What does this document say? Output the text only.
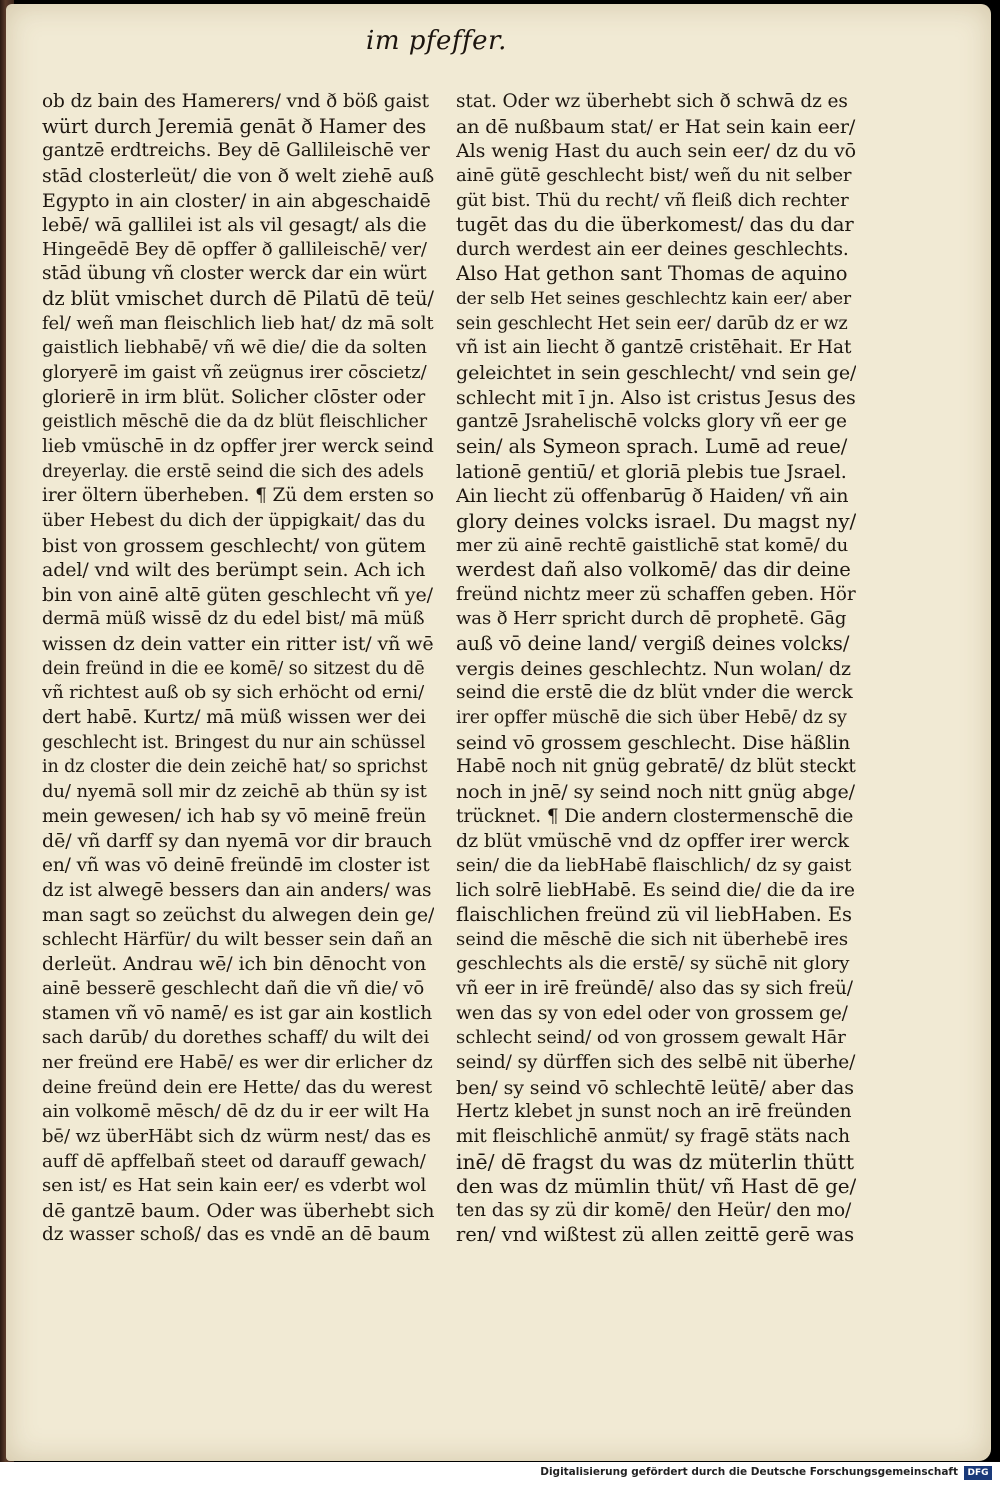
im pfeffer.
ob dz bain des Hamerers/ vnd ð böß gaist
würt durch Jeremiā genāt ð Hamer des
gantzē erdtreichs. Bey dē Gallileischē ver
stād closterleüt/ die von ð welt ziehē auß
Egypto in ain closter/ in ain abgeschaidē
lebē/ wā gallilei ist als vil gesagt/ als die
Hingeēdē Bey dē opffer ð gallileischē/ ver/
stād übung vñ closter werck dar ein würt
dz blüt vmischet durch dē Pilatū dē teü/
fel/ weñ man fleischlich lieb hat/ dz mā solt
gaistlich liebhabē/ vñ wē die/ die da solten
gloryerē im gaist vñ zeügnus irer cōscietz/
glorierē in irm blüt. Solicher clōster oder
geistlich mēschē die da dz blüt fleischlicher
lieb vmüschē in dz opffer jrer werck seind
dreyerlay. die erstē seind die sich des adels
irer öltern überheben. ¶ Zü dem ersten so
über Hebest du dich der üppigkait/ das du
bist von grossem geschlecht/ von gütem
adel/ vnd wilt des berümpt sein. Ach ich
bin von ainē altē güten geschlecht vñ ye/
dermā müß wissē dz du edel bist/ mā müß
wissen dz dein vatter ein ritter ist/ vñ wē
dein freünd in die ee komē/ so sitzest du dē
vñ richtest auß ob sy sich erhöcht od erni/
dert habē. Kurtz/ mā müß wissen wer dei
geschlecht ist. Bringest du nur ain schüssel
in dz closter die dein zeichē hat/ so sprichst
du/ nyemā soll mir dz zeichē ab thün sy ist
mein gewesen/ ich hab sy vō meinē freün
dē/ vñ darff sy dan nyemā vor dir brauch
en/ vñ was vō deinē freündē im closter ist
dz ist alwegē bessers dan ain anders/ was
man sagt so zeüchst du alwegen dein ge/
schlecht Härfür/ du wilt besser sein dañ an
derleüt. Andrau wē/ ich bin dēnocht von
ainē besserē geschlecht dañ die vñ die/ vō
stamen vñ vō namē/ es ist gar ain kostlich
sach darūb/ du dorethes schaff/ du wilt dei
ner freünd ere Habē/ es wer dir erlicher dz
deine freünd dein ere Hette/ das du werest
ain volkomē mēsch/ dē dz du ir eer wilt Ha
bē/ wz überHäbt sich dz würm nest/ das es
auff dē apffelbañ steet od darauff gewach/
sen ist/ es Hat sein kain eer/ es vderbt wol
dē gantzē baum. Oder was überhebt sich
dz wasser schoß/ das es vndē an dē baum
stat. Oder wz überhebt sich ð schwā dz es
an dē nußbaum stat/ er Hat sein kain eer/
Als wenig Hast du auch sein eer/ dz du vō
ainē gütē geschlecht bist/ weñ du nit selber
güt bist. Thü du recht/ vñ fleiß dich rechter
tugēt das du die überkomest/ das du dar
durch werdest ain eer deines geschlechts.
Also Hat gethon sant Thomas de aquino
der selb Het seines geschlechtz kain eer/ aber
sein geschlecht Het sein eer/ darūb dz er wz
vñ ist ain liecht ð gantzē cristēhait. Er Hat
geleichtet in sein geschlecht/ vnd sein ge/
schlecht mit ī jn. Also ist cristus Jesus des
gantzē Jsrahelischē volcks glory vñ eer ge
sein/ als Symeon sprach. Lumē ad reue/
lationē gentiū/ et gloriā plebis tue Jsrael.
Ain liecht zü offenbarūg ð Haiden/ vñ ain
glory deines volcks israel. Du magst ny/
mer zü ainē rechtē gaistlichē stat komē/ du
werdest dañ also volkomē/ das dir deine
freünd nichtz meer zü schaffen geben. Hör
was ð Herr spricht durch dē prophetē. Gāg
auß vō deine land/ vergiß deines volcks/
vergis deines geschlechtz. Nun wolan/ dz
seind die erstē die dz blüt vnder die werck
irer opffer müschē die sich über Hebē/ dz sy
seind vō grossem geschlecht. Dise häßlin
Habē noch nit gnüg gebratē/ dz blüt steckt
noch in jnē/ sy seind noch nitt gnüg abge/
trücknet. ¶ Die andern clostermenschē die
dz blüt vmüschē vnd dz opffer irer werck
sein/ die da liebHabē flaischlich/ dz sy gaist
lich solrē liebHabē. Es seind die/ die da ire
flaischlichen freünd zü vil liebHaben. Es
seind die mēschē die sich nit überhebē ires
geschlechts als die erstē/ sy süchē nit glory
vñ eer in irē freündē/ also das sy sich freü/
wen das sy von edel oder von grossem ge/
schlecht seind/ od von grossem gewalt Hār
seind/ sy dürffen sich des selbē nit überhe/
ben/ sy seind vō schlechtē leütē/ aber das
Hertz klebet jn sunst noch an irē freünden
mit fleischlichē anmüt/ sy fragē stäts nach
inē/ dē fragst du was dz müterlin thütt
den was dz mümlin thüt/ vñ Hast dē ge/
ten das sy zü dir komē/ den Heür/ den mo/
ren/ vnd wißtest zü allen zeittē gerē was
Digitalisierung gefördert durch die Deutsche Forschungsgemeinschaft	DFG
